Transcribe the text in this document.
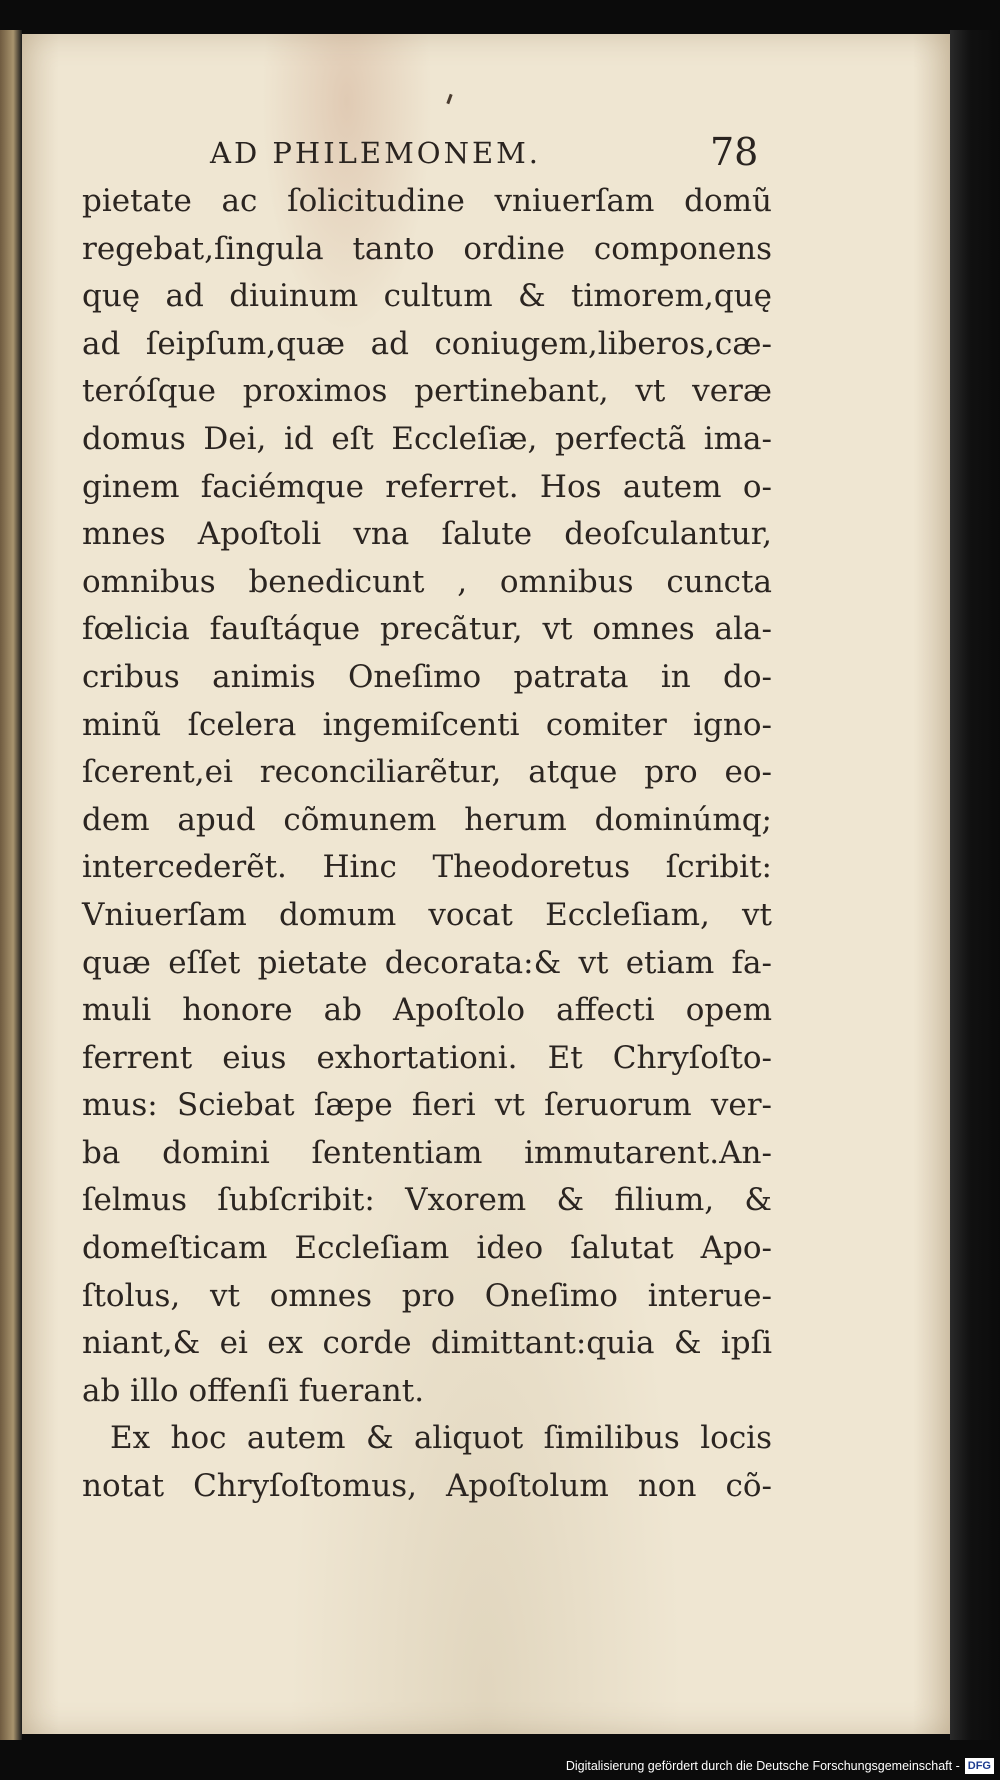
AD PHILEMONEM.	78
pietate ac ſolicitudine vniuerſam domũ
regebat,ſingula tanto ordine componens
quę ad diuinum cultum & timorem,quę
ad ſeipſum,quæ ad coniugem,liberos,cæ-
teróſque proximos pertinebant, vt veræ
domus Dei, id eſt Eccleſiæ, perfectã ima-
ginem faciémque referret. Hos autem o-
mnes Apoſtoli vna ſalute deoſculantur,
omnibus benedicunt , omnibus cuncta
fœlicia fauſtáque precãtur, vt omnes ala-
cribus animis Oneſimo patrata in do-
minũ ſcelera ingemiſcenti comiter igno-
ſcerent,ei reconciliarẽtur, atque pro eo-
dem apud cõmunem herum dominúmq;
intercederẽt. Hinc Theodoretus ſcribit:
Vniuerſam domum vocat Eccleſiam, vt
quæ eſſet pietate decorata:& vt etiam fa-
muli honore ab Apoſtolo affecti opem
ferrent eius exhortationi. Et Chryſoſto-
mus: Sciebat ſæpe fieri vt ſeruorum ver-
ba domini ſententiam immutarent.An-
ſelmus ſubſcribit: Vxorem & filium, &
domeſticam Eccleſiam ideo ſalutat Apo-
ſtolus, vt omnes pro Oneſimo interue-
niant,& ei ex corde dimittant:quia & ipſi
ab illo offenſi fuerant.
Ex hoc autem & aliquot ſimilibus locis
notat Chryſoſtomus, Apoſtolum non cõ-
Digitalisierung gefördert durch die Deutsche Forschungsgemeinschaft - DFG
